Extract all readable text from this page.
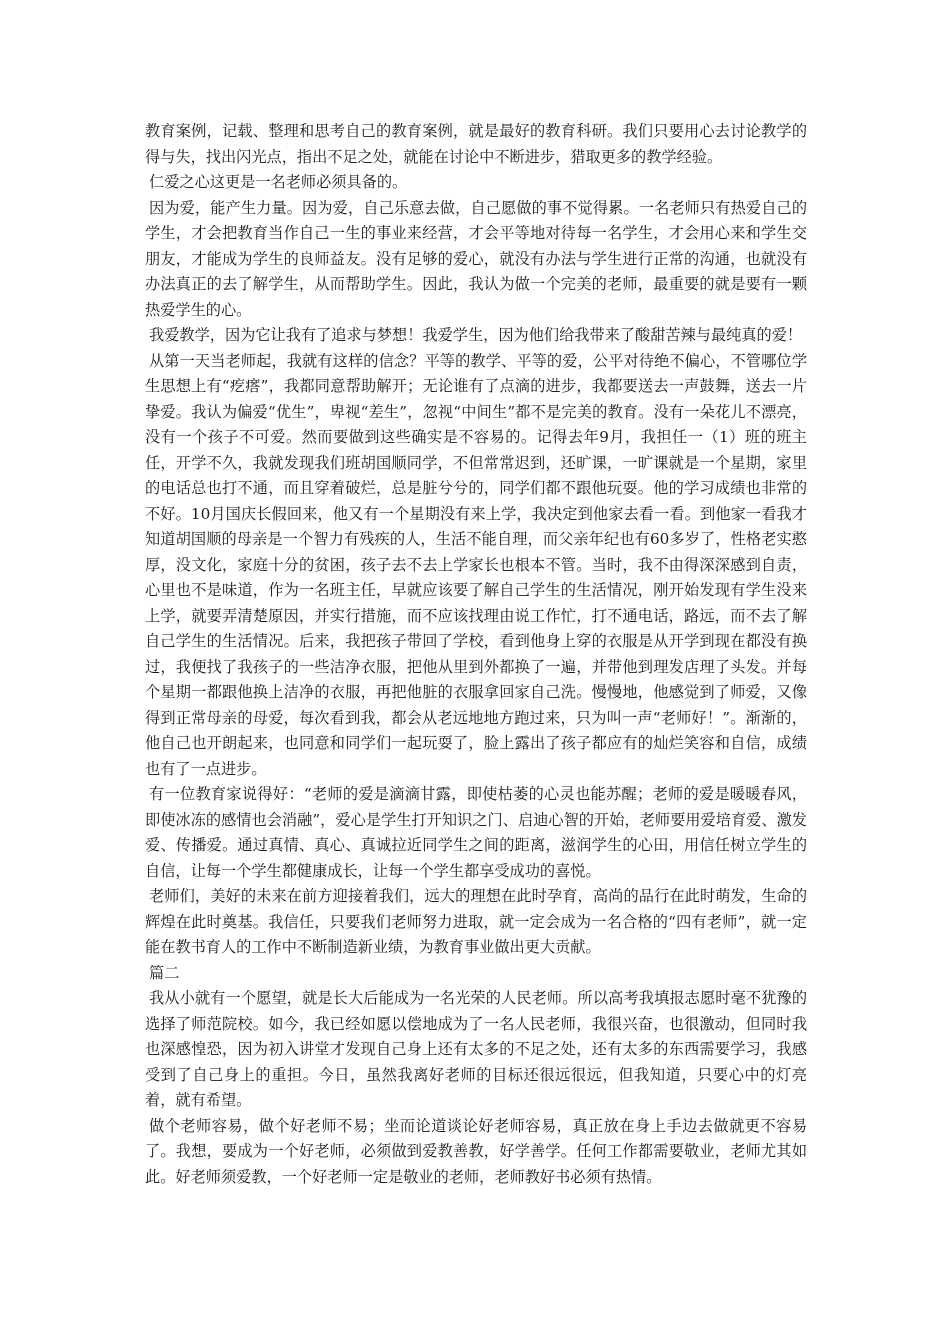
教育案例，记载、整理和思考自己的教育案例，就是最好的教育科研。我们只要用心去讨论教学的得与失，找出闪光点，指出不足之处，就能在讨论中不断进步，猎取更多的教学经验。

仁爱之心这更是一名老师必须具备的。

因为爱，能产生力量。因为爱，自己乐意去做，自己愿做的事不觉得累。一名老师只有热爱自己的学生，才会把教育当作自己一生的事业来经营，才会平等地对待每一名学生，才会用心来和学生交朋友，才能成为学生的良师益友。没有足够的爱心，就没有办法与学生进行正常的沟通，也就没有办法真正的去了解学生，从而帮助学生。因此，我认为做一个完美的老师，最重要的就是要有一颗热爱学生的心。

我爱教学，因为它让我有了追求与梦想！我爱学生，因为他们给我带来了酸甜苦辣与最纯真的爱！

从第一天当老师起，我就有这样的信念？平等的教学、平等的爱，公平对待绝不偏心，不管哪位学生思想上有“疙瘩”，我都同意帮助解开；无论谁有了点滴的进步，我都要送去一声鼓舞，送去一片挚爱。我认为偏爱“优生”，卑视“差生”，忽视“中间生”都不是完美的教育。没有一朵花儿不漂亮，没有一个孩子不可爱。然而要做到这些确实是不容易的。记得去年9月，我担任一（1）班的班主任，开学不久，我就发现我们班胡国顺同学，不但常常迟到，还旷课，一旷课就是一个星期，家里的电话总也打不通，而且穿着破烂，总是脏兮兮的，同学们都不跟他玩耍。他的学习成绩也非常的不好。10月国庆长假回来，他又有一个星期没有来上学，我决定到他家去看一看。到他家一看我才知道胡国顺的母亲是一个智力有残疾的人，生活不能自理，而父亲年纪也有60多岁了，性格老实憨厚，没文化，家庭十分的贫困，孩子去不去上学家长也根本不管。当时，我不由得深深感到自责，心里也不是味道，作为一名班主任，早就应该要了解自己学生的生活情况，刚开始发现有学生没来上学，就要弄清楚原因，并实行措施，而不应该找理由说工作忙，打不通电话，路远，而不去了解自己学生的生活情况。后来，我把孩子带回了学校，看到他身上穿的衣服是从开学到现在都没有换过，我便找了我孩子的一些洁净衣服，把他从里到外都换了一遍，并带他到理发店理了头发。并每个星期一都跟他换上洁净的衣服，再把他脏的衣服拿回家自己洗。慢慢地，他感觉到了师爱，又像得到正常母亲的母爱，每次看到我，都会从老远地地方跑过来，只为叫一声“老师好！”。渐渐的，他自己也开朗起来，也同意和同学们一起玩耍了，脸上露出了孩子都应有的灿烂笑容和自信，成绩也有了一点进步。

有一位教育家说得好：“老师的爱是滴滴甘露，即使枯萎的心灵也能苏醒；老师的爱是暖暖春风，即使冰冻的感情也会消融”，爱心是学生打开知识之门、启迪心智的开始，老师要用爱培育爱、激发爱、传播爱。通过真情、真心、真诚拉近同学生之间的距离，滋润学生的心田，用信任树立学生的自信，让每一个学生都健康成长，让每一个学生都享受成功的喜悦。

老师们，美好的未来在前方迎接着我们，远大的理想在此时孕育，高尚的品行在此时萌发，生命的辉煌在此时奠基。我信任，只要我们老师努力进取，就一定会成为一名合格的“四有老师”，就一定能在教书育人的工作中不断制造新业绩，为教育事业做出更大贡献。

篇二

我从小就有一个愿望，就是长大后能成为一名光荣的人民老师。所以高考我填报志愿时毫不犹豫的选择了师范院校。如今，我已经如愿以偿地成为了一名人民老师，我很兴奋，也很激动，但同时我也深感惶恐，因为初入讲堂才发现自己身上还有太多的不足之处，还有太多的东西需要学习，我感受到了自己身上的重担。今日，虽然我离好老师的目标还很远很远，但我知道，只要心中的灯亮着，就有希望。

做个老师容易，做个好老师不易；坐而论道谈论好老师容易，真正放在身上手边去做就更不容易了。我想，要成为一个好老师，必须做到爱教善教，好学善学。任何工作都需要敬业，老师尤其如此。好老师须爱教，一个好老师一定是敬业的老师，老师教好书必须有热情。
